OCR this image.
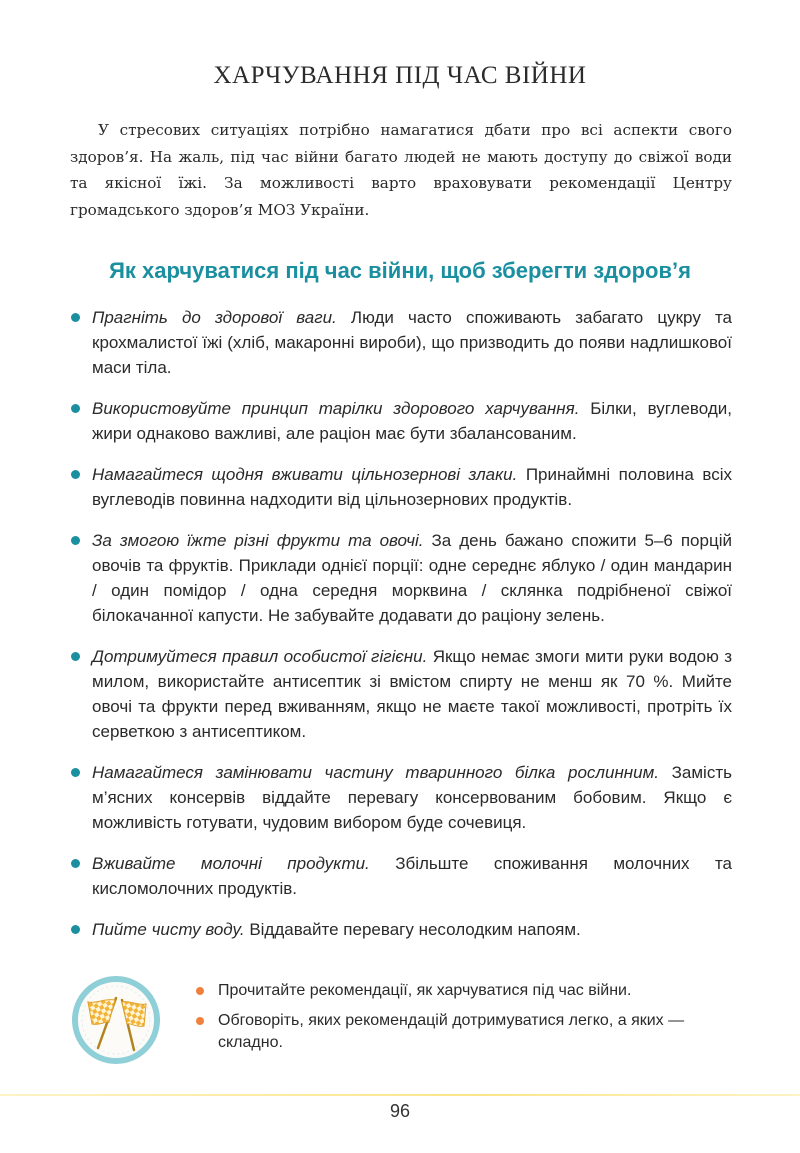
ХАРЧУВАННЯ ПІД ЧАС ВІЙНИ

У стресових ситуаціях потрібно намагатися дбати про всі аспекти свого здоров’я. На жаль, під час війни багато людей не мають доступу до свіжої води та якісної їжі. За можливості варто враховувати рекомендації Центру громадського здоров’я МОЗ України.

Як харчуватися під час війни, щоб зберегти здоров’я
Прагніть до здорової ваги. Люди часто споживають забагато цукру та крохмалистої їжі (хліб, макаронні вироби), що призводить до появи надлишкової маси тіла.
Використовуйте принцип тарілки здорового харчування. Білки, вуглеводи, жири однаково важливі, але раціон має бути збалансованим.
Намагайтеся щодня вживати цільнозернові злаки. Принаймні половина всіх вуглеводів повинна надходити від цільнозернових продуктів.
За змогою їжте різні фрукти та овочі. За день бажано спожити 5–6 порцій овочів та фруктів. Приклади однієї порції: одне середнє яблуко / один мандарин / один помідор / одна середня морквина / склянка подрібненої свіжої білокачанної капусти. Не забувайте додавати до раціону зелень.
Дотримуйтеся правил особистої гігієни. Якщо немає змоги мити руки водою з милом, використайте антисептик зі вмістом спирту не менш як 70 %. Мийте овочі та фрукти перед вживанням, якщо не маєте такої можливості, протріть їх серветкою з антисептиком.
Намагайтеся замінювати частину тваринного білка рослинним. Замість м’ясних консервів віддайте перевагу консервованим бобовим. Якщо є можливість готувати, чудовим вибором буде сочевиця.
Вживайте молочні продукти. Збільште споживання молочних та кисломолочних продуктів.
Пийте чисту воду. Віддавайте перевагу несолодким напоям.
Прочитайте рекомендації, як харчуватися під час війни.
Обговоріть, яких рекомендацій дотримуватися легко, а яких — складно.
96
